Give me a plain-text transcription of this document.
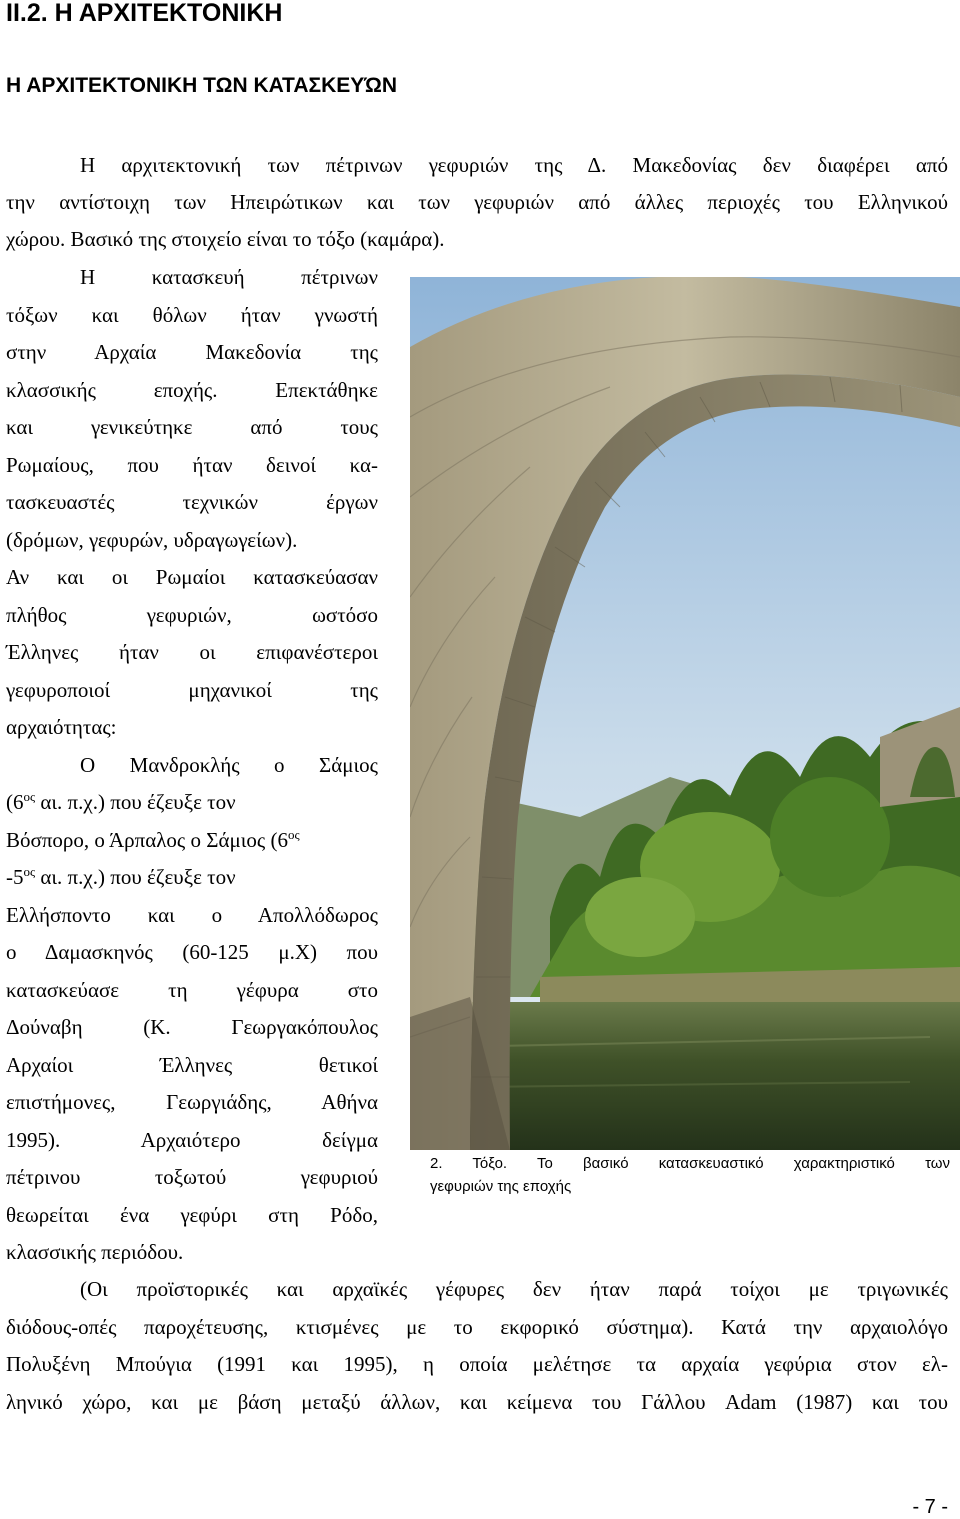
II.2. Η ΑΡΧΙΤΕΚΤΟΝΙΚΗ
Η ΑΡΧΙΤΕΚΤΟΝΙΚΗ ΤΩΝ ΚΑΤΑΣΚΕΥΏΝ

Η αρχιτεκτονική των πέτρινων γεφυριών της Δ. Μακεδονίας δεν διαφέρει από

την αντίστοιχη των Ηπειρώτικων και των γεφυριών από άλλες περιοχές του Ελληνικού

χώρου. Βασικό της στοιχείο είναι το τόξο (καμάρα).

Η κατασκευή πέτρινων

τόξων και θόλων ήταν γνωστή

στην Αρχαία Μακεδονία της

κλασσικής εποχής. Επεκτάθηκε

και γενικεύτηκε από τους

Ρωμαίους, που ήταν δεινοί κα-

τασκευαστές τεχνικών έργων

(δρόμων, γεφυρών, υδραγωγείων).

Αν και οι Ρωμαίοι κατασκεύασαν

πλήθος γεφυριών, ωστόσο

Έλληνες ήταν οι επιφανέστεροι

γεφυροποιοί μηχανικοί της

αρχαιότητας:

Ο Μανδροκλής ο Σάμιος

($6^{o\varsigma}$ αι. π.χ.) που έζευξε τον

Βόσπορο, ο Άρπαλος ο Σάμιος ($6^{o\varsigma}$

$-5^{o\varsigma}$ αι. π.χ.) που έζευξε τον

Ελλήσποντο και ο Απολλόδωρος

ο Δαμασκηνός (60-125 μ.Χ) που

κατασκεύασε τη γέφυρα στο

Δούναβη (Κ. Γεωργακόπουλος

Αρχαίοι Έλληνες θετικοί

επιστήμονες, Γεωργιάδης, Αθήνα

1995). Αρχαιότερο δείγμα

πέτρινου τοξωτού γεφυριού

θεωρείται ένα γεφύρι στη Ρόδο,

κλασσικής περιόδου.

2. Τόξο. Το βασικό κατασκευαστικό χαρακτηριστικό των
γεφυριών της εποχής

(Οι προϊστορικές και αρχαϊκές γέφυρες δεν ήταν παρά τοίχοι με τριγωνικές

διόδους-οπές παροχέτευσης, κτισμένες με το εκφορικό σύστημα). Κατά την αρχαιολόγο

Πολυξένη Μπούγια (1991 και 1995), η οποία μελέτησε τα αρχαία γεφύρια στον ελ-

ληνικό χώρο, και με βάση μεταξύ άλλων, και κείμενα του Γάλλου Adam (1987) και του

- 7 -
